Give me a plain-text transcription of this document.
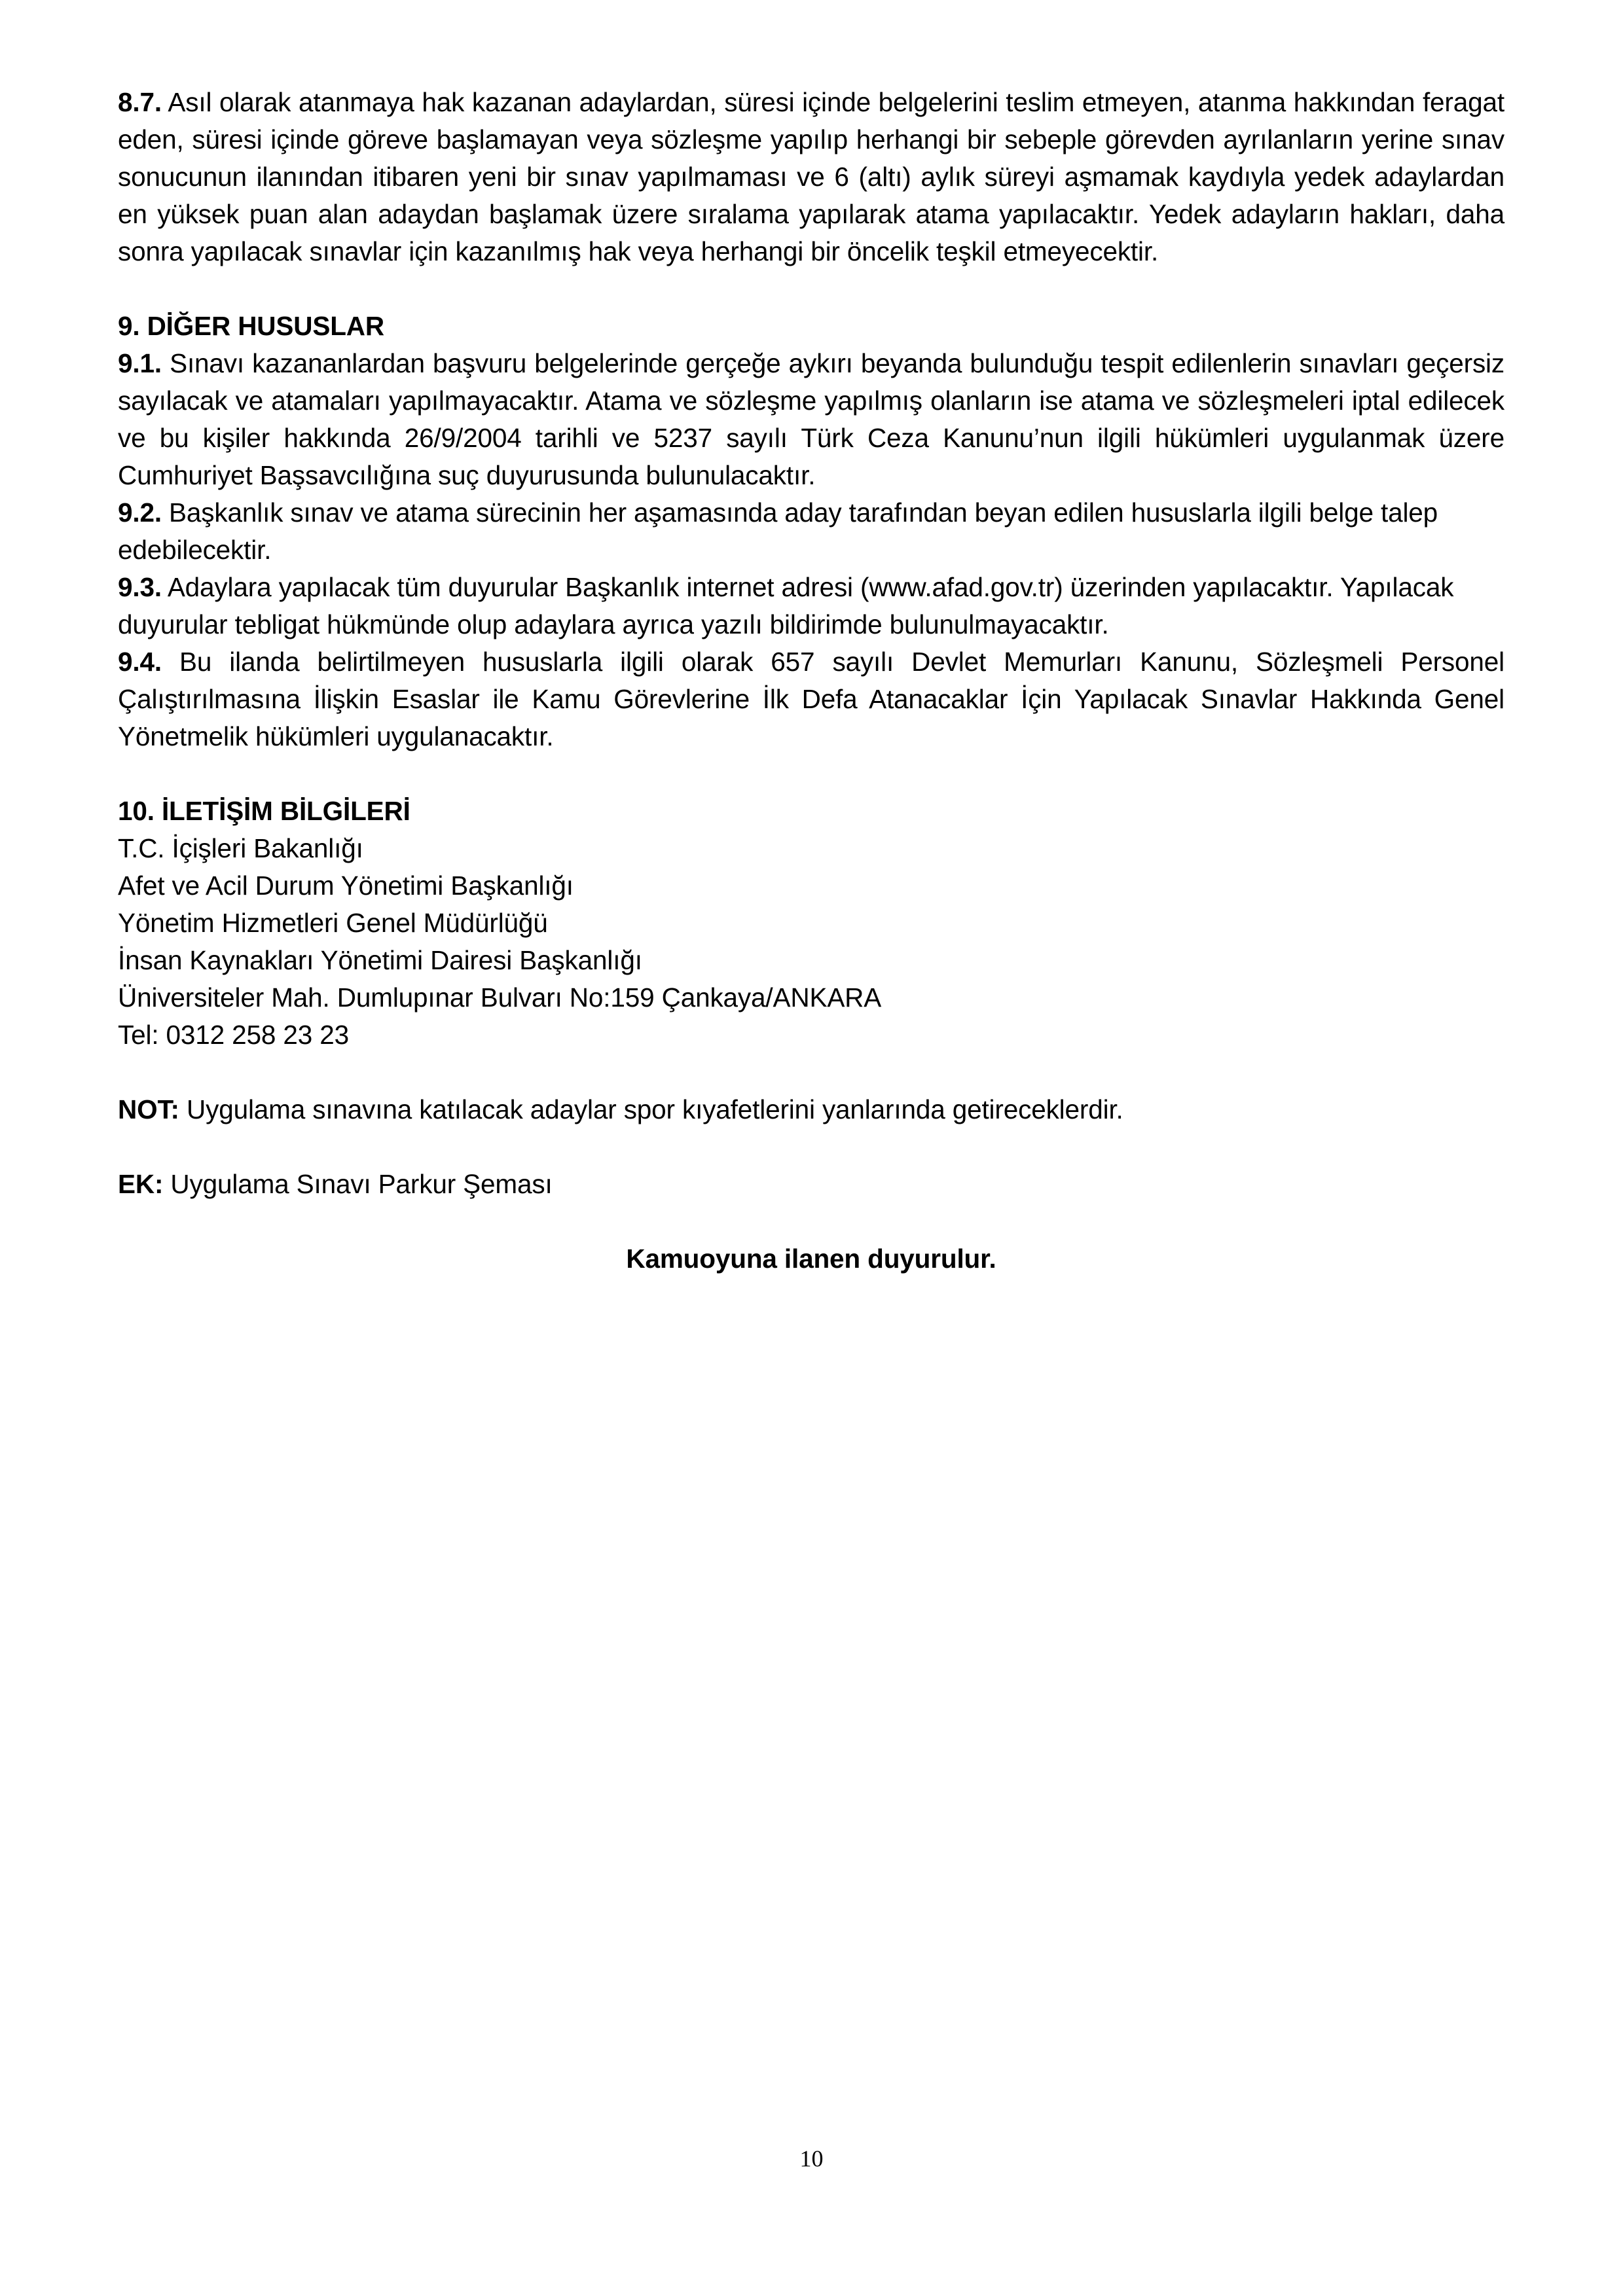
8.7. Asıl olarak atanmaya hak kazanan adaylardan, süresi içinde belgelerini teslim etmeyen, atanma hakkından feragat eden, süresi içinde göreve başlamayan veya sözleşme yapılıp herhangi bir sebeple görevden ayrılanların yerine sınav sonucunun ilanından itibaren yeni bir sınav yapılmaması ve 6 (altı) aylık süreyi aşmamak kaydıyla yedek adaylardan en yüksek puan alan adaydan başlamak üzere sıralama yapılarak atama yapılacaktır. Yedek adayların hakları, daha sonra yapılacak sınavlar için kazanılmış hak veya herhangi bir öncelik teşkil etmeyecektir.

9. DİĞER HUSUSLAR

9.1. Sınavı kazananlardan başvuru belgelerinde gerçeğe aykırı beyanda bulunduğu tespit edilenlerin sınavları geçersiz sayılacak ve atamaları yapılmayacaktır. Atama ve sözleşme yapılmış olanların ise atama ve sözleşmeleri iptal edilecek ve bu kişiler hakkında 26/9/2004 tarihli ve 5237 sayılı Türk Ceza Kanunu’nun ilgili hükümleri uygulanmak üzere Cumhuriyet Başsavcılığına suç duyurusunda bulunulacaktır.

9.2. Başkanlık sınav ve atama sürecinin her aşamasında aday tarafından beyan edilen hususlarla ilgili belge talep edebilecektir.

9.3. Adaylara yapılacak tüm duyurular Başkanlık internet adresi (www.afad.gov.tr) üzerinden yapılacaktır. Yapılacak duyurular tebligat hükmünde olup adaylara ayrıca yazılı bildirimde bulunulmayacaktır.

9.4. Bu ilanda belirtilmeyen hususlarla ilgili olarak 657 sayılı Devlet Memurları Kanunu, Sözleşmeli Personel Çalıştırılmasına İlişkin Esaslar ile Kamu Görevlerine İlk Defa Atanacaklar İçin Yapılacak Sınavlar Hakkında Genel Yönetmelik hükümleri uygulanacaktır.

10. İLETİŞİM BİLGİLERİ

T.C. İçişleri Bakanlığı

Afet ve Acil Durum Yönetimi Başkanlığı

Yönetim Hizmetleri Genel Müdürlüğü

İnsan Kaynakları Yönetimi Dairesi Başkanlığı

Üniversiteler Mah. Dumlupınar Bulvarı No:159 Çankaya/ANKARA

Tel: 0312 258 23 23

NOT: Uygulama sınavına katılacak adaylar spor kıyafetlerini yanlarında getireceklerdir.

EK: Uygulama Sınavı Parkur Şeması

Kamuoyuna ilanen duyurulur.

10
